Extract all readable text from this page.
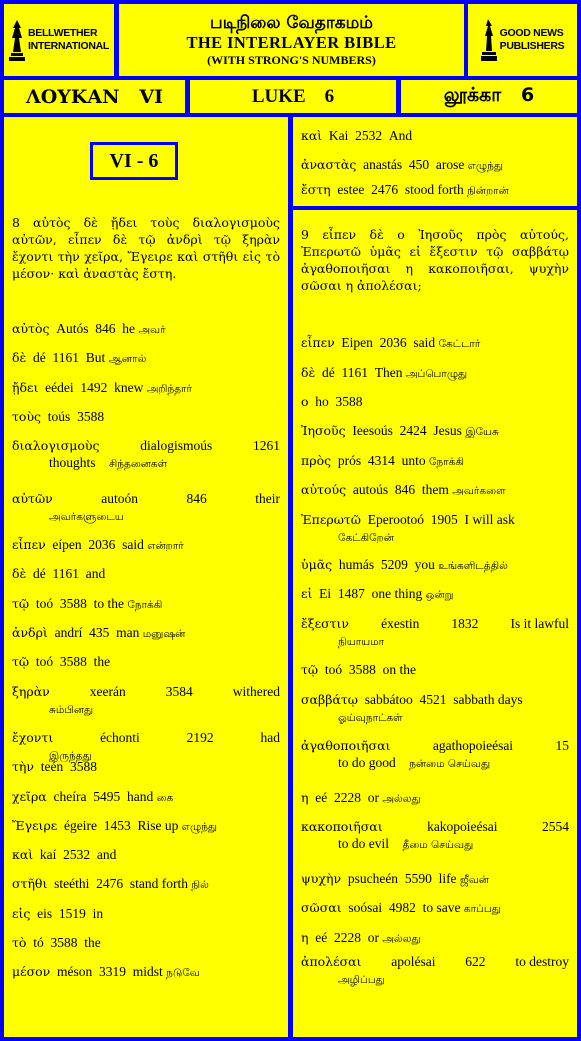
BELLWETHER
INTERNATIONAL
படிநிலை வேதாகமம்
THE INTERLAYER BIBLE
(WITH STRONG'S NUMBERS)
GOOD NEWS
PUBLISHERS
ΛΟΥΚΑΝ   VI	LUKE    6	லூக்கா   6
VI - 6
8 αὐτὸς δὲ ᾔδει τοὺς διαλογισμοὺς αὐτῶν, εἶπεν δὲ τῷ ἀνδρὶ τῷ ξηρὰν ἔχοντι τὴν χεῖρα, Ἔγειρε καὶ στῆθι εἰς τὸ μέσον· καὶ ἀναστὰς ἔστη.
αὐτὸς Autós 846 he அவர்
δὲ dé 1161 But ஆனால்
ᾔδει eédei 1492 knew அறிந்தார்
τοὺς toús 3588
διαλογισμοὺς	dialogismoús	1261
thoughts சிந்தனைகள்
αὐτῶν	autoón	846	their
அவர்களுடைய
εἶπεν eípen 2036 said என்றார்
δὲ dé 1161 and
τῷ toó 3588 to the நோக்கி
ἀνδρὶ andrí 435 man மனுஷன்
τῷ toó 3588 the
ξηρὰν	xeerán	3584	withered
சும்பினது
ἔχοντι	échonti	2192	had
இருந்தது
τὴν teén 3588
χεῖρα cheíra 5495 hand கை
Ἔγειρε égeire 1453 Rise up எழுந்து
καὶ kaí 2532 and
στῆθι steéthi 2476 stand forth நில்
εἰς eis 1519 in
τὸ tó 3588 the
μέσον méson 3319 midst நடுவே
καὶ Kai 2532 And
ἀναστὰς anastás 450 arose எழுந்து
ἔστη estee 2476 stood forth நின்றான்
9 εἶπεν δὲ ο Ἰησοῦς πρὸς αὐτούς, Ἐπερωτῶ ὑμᾶς εἰ ἔξεστιν τῷ σαββάτῳ ἀγαθοποιῆσαι η κακοποιῆσαι, ψυχὴν σῶσαι η ἀπολέσαι;
εἶπεν Eipen 2036 said கேட்டார்
δὲ dé 1161 Then அப்பொழுது
ο ho 3588
Ἰησοῦς Ieesoús 2424 Jesus இயேசு
πρὸς prós 4314 unto நோக்கி
αὐτούς autoús 846 them அவர்களை
Ἐπερωτῶ Eperootoó 1905 I will ask
கேட்கிறேன்
ὑμᾶς humás 5209 you உங்களிடத்தில்
εἰ Ei 1487 one thing ஒன்று
ἔξεστιν éxestin 1832 Is it lawful
நியாயமா
τῷ toó 3588 on the
σαββάτῳ sabbátoo 4521 sabbath days
ஓய்வுநாட்கள்
ἀγαθοποιῆσαι	agathopoieésai	15
to do good நன்மை செய்வது
η eé 2228 or அல்லது
κακοποιῆσαι	kakopoieésai	2554
to do evil தீமை செய்வது
ψυχὴν psucheén 5590 life ஜீவன்
σῶσαι soósai 4982 to save காப்பது
η eé 2228 or அல்லது
ἀπολέσαι apolésai 622 to destroy
அழிப்பது
